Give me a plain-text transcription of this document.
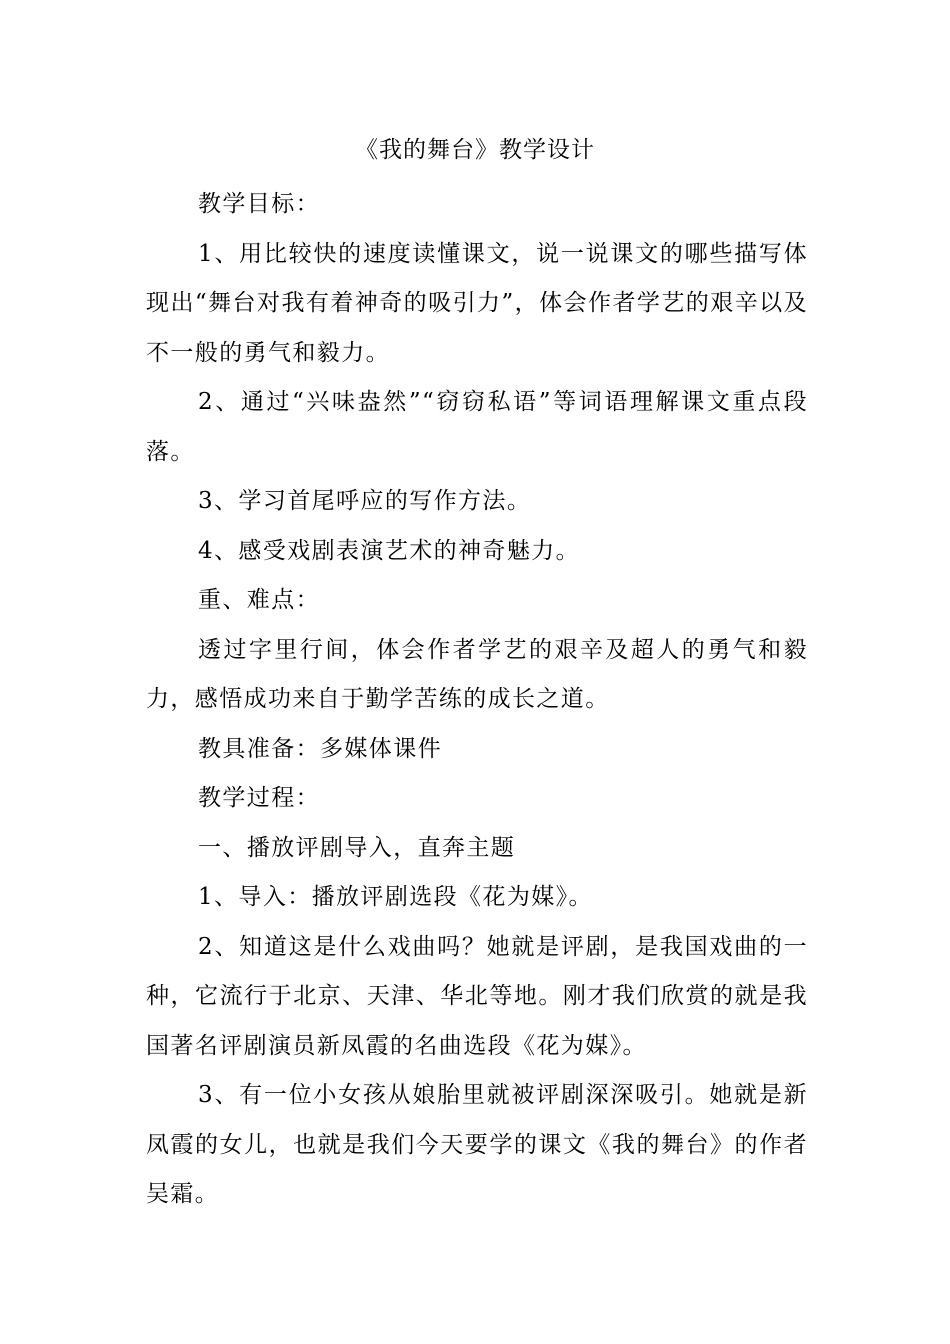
《我的舞台》教学设计

教学目标：

1、用比较快的速度读懂课文，说一说课文的哪些描写体现出“舞台对我有着神奇的吸引力”，体会作者学艺的艰辛以及不一般的勇气和毅力。

2、通过“兴味盎然”“窃窃私语”等词语理解课文重点段落。

3、学习首尾呼应的写作方法。

4、感受戏剧表演艺术的神奇魅力。

重、难点：

透过字里行间，体会作者学艺的艰辛及超人的勇气和毅力，感悟成功来自于勤学苦练的成长之道。

教具准备：多媒体课件

教学过程：

一、播放评剧导入，直奔主题

1、导入：播放评剧选段《花为媒》。

2、知道这是什么戏曲吗？她就是评剧，是我国戏曲的一种，它流行于北京、天津、华北等地。刚才我们欣赏的就是我国著名评剧演员新凤霞的名曲选段《花为媒》。

3、有一位小女孩从娘胎里就被评剧深深吸引。她就是新凤霞的女儿，也就是我们今天要学的课文《我的舞台》的作者吴霜。
